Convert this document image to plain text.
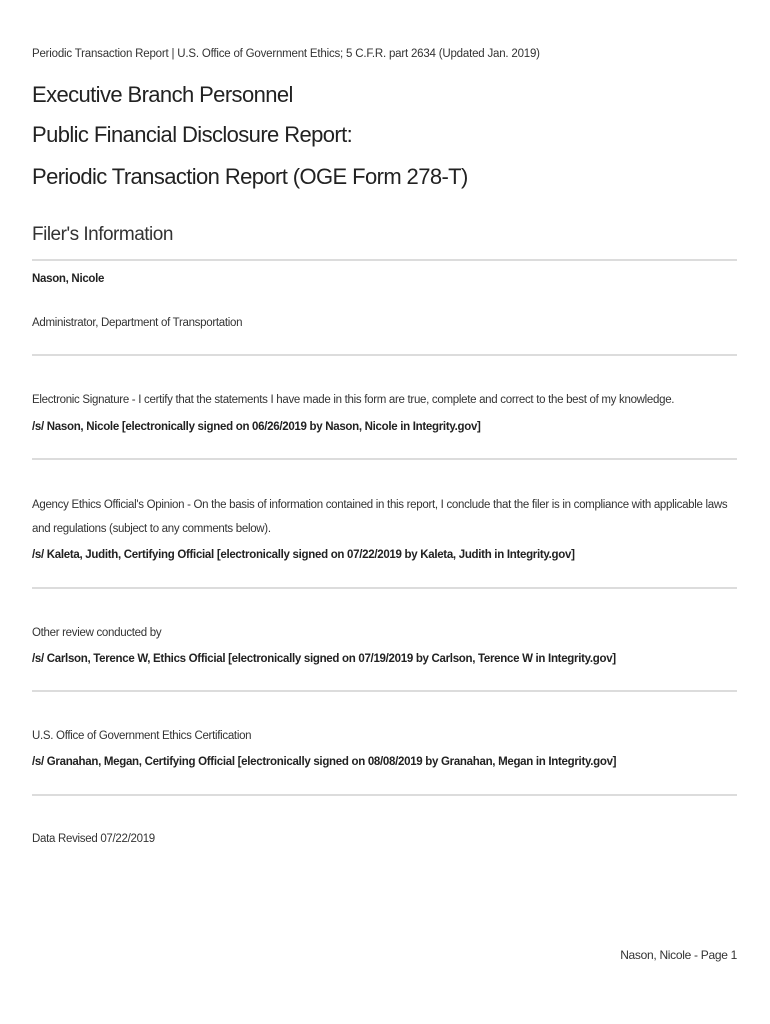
Periodic Transaction Report | U.S. Office of Government Ethics; 5 C.F.R. part 2634 (Updated Jan. 2019)
Executive Branch Personnel
Public Financial Disclosure Report:
Periodic Transaction Report (OGE Form 278-T)
Filer's Information
Nason, Nicole
Administrator, Department of Transportation
Electronic Signature - I certify that the statements I have made in this form are true, complete and correct to the best of my knowledge.
/s/ Nason, Nicole [electronically signed on 06/26/2019 by Nason, Nicole in Integrity.gov]
Agency Ethics Official's Opinion - On the basis of information contained in this report, I conclude that the filer is in compliance with applicable laws and regulations (subject to any comments below).
/s/ Kaleta, Judith, Certifying Official [electronically signed on 07/22/2019 by Kaleta, Judith in Integrity.gov]
Other review conducted by
/s/ Carlson, Terence W, Ethics Official [electronically signed on 07/19/2019 by Carlson, Terence W in Integrity.gov]
U.S. Office of Government Ethics Certification
/s/ Granahan, Megan, Certifying Official [electronically signed on 08/08/2019 by Granahan, Megan in Integrity.gov]
Data Revised 07/22/2019
Nason, Nicole - Page 1
